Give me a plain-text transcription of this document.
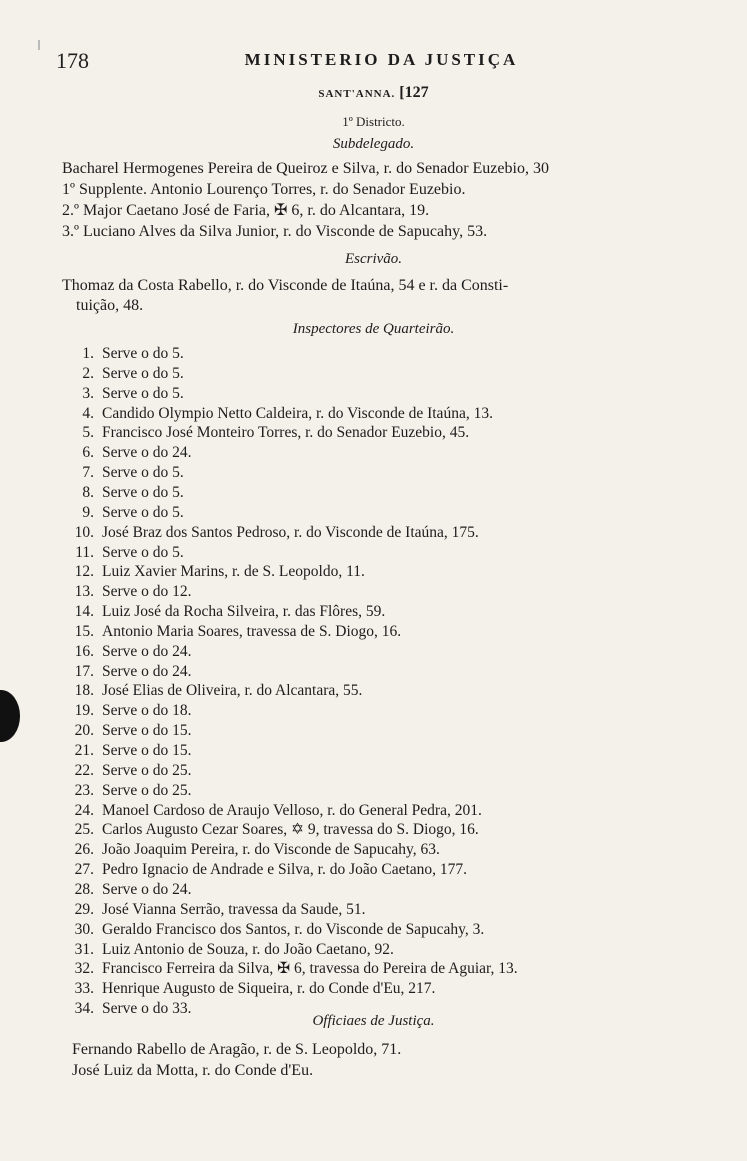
178	MINISTERIO DA JUSTIÇA
SANT'ANNA. [127
1º Districto.
Subdelegado.
Bacharel Hermogenes Pereira de Queiroz e Silva, r. do Senador Euzebio, 30
1º Supplente. Antonio Lourenço Torres, r. do Senador Euzebio.
2.º Major Caetano José de Faria, ✠ 6, r. do Alcantara, 19.
3.º Luciano Alves da Silva Junior, r. do Visconde de Sapucahy, 53.
Escrivão.
Thomaz da Costa Rabello, r. do Visconde de Itaúna, 54 e r. da Consti-
tuição, 48.
Inspectores de Quarteirão.
1. Serve o do 5.
2. Serve o do 5.
3. Serve o do 5.
4. Candido Olympio Netto Caldeira, r. do Visconde de Itaúna, 13.
5. Francisco José Monteiro Torres, r. do Senador Euzebio, 45.
6. Serve o do 24.
7. Serve o do 5.
8. Serve o do 5.
9. Serve o do 5.
10. José Braz dos Santos Pedroso, r. do Visconde de Itaúna, 175.
11. Serve o do 5.
12. Luiz Xavier Marins, r. de S. Leopoldo, 11.
13. Serve o do 12.
14. Luiz José da Rocha Silveira, r. das Flôres, 59.
15. Antonio Maria Soares, travessa de S. Diogo, 16.
16. Serve o do 24.
17. Serve o do 24.
18. José Elias de Oliveira, r. do Alcantara, 55.
19. Serve o do 18.
20. Serve o do 15.
21. Serve o do 15.
22. Serve o do 25.
23. Serve o do 25.
24. Manoel Cardoso de Araujo Velloso, r. do General Pedra, 201.
25. Carlos Augusto Cezar Soares, ✡ 9, travessa do S. Diogo, 16.
26. João Joaquim Pereira, r. do Visconde de Sapucahy, 63.
27. Pedro Ignacio de Andrade e Silva, r. do João Caetano, 177.
28. Serve o do 24.
29. José Vianna Serrão, travessa da Saude, 51.
30. Geraldo Francisco dos Santos, r. do Visconde de Sapucahy, 3.
31. Luiz Antonio de Souza, r. do João Caetano, 92.
32. Francisco Ferreira da Silva, ✠ 6, travessa do Pereira de Aguiar, 13.
33. Henrique Augusto de Siqueira, r. do Conde d'Eu, 217.
34. Serve o do 33.
Officiaes de Justiça.
Fernando Rabello de Aragão, r. de S. Leopoldo, 71.
José Luiz da Motta, r. do Conde d'Eu.
